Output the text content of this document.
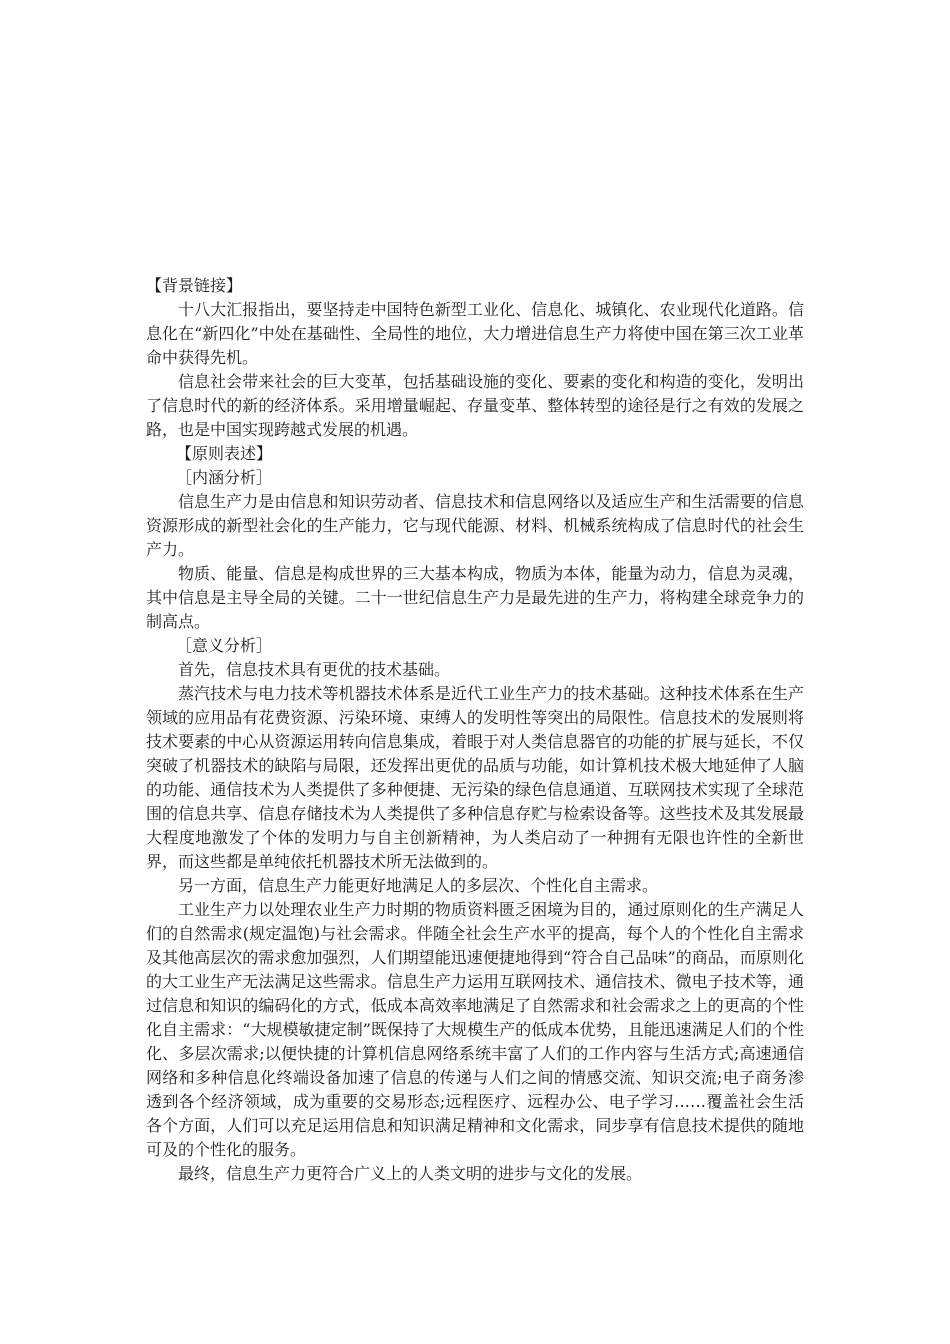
【背景链接】

十八大汇报指出，要坚持走中国特色新型工业化、信息化、城镇化、农业现代化道路。信息化在“新四化”中处在基础性、全局性的地位，大力增进信息生产力将使中国在第三次工业革命中获得先机。

信息社会带来社会的巨大变革，包括基础设施的变化、要素的变化和构造的变化，发明出了信息时代的新的经济体系。采用增量崛起、存量变革、整体转型的途径是行之有效的发展之路，也是中国实现跨越式发展的机遇。

【原则表述】

［内涵分析］

信息生产力是由信息和知识劳动者、信息技术和信息网络以及适应生产和生活需要的信息资源形成的新型社会化的生产能力，它与现代能源、材料、机械系统构成了信息时代的社会生产力。

物质、能量、信息是构成世界的三大基本构成，物质为本体，能量为动力，信息为灵魂，其中信息是主导全局的关键。二十一世纪信息生产力是最先进的生产力，将构建全球竞争力的制高点。

［意义分析］

首先，信息技术具有更优的技术基础。

蒸汽技术与电力技术等机器技术体系是近代工业生产力的技术基础。这种技术体系在生产领域的应用品有花费资源、污染环境、束缚人的发明性等突出的局限性。信息技术的发展则将技术要素的中心从资源运用转向信息集成，着眼于对人类信息器官的功能的扩展与延长，不仅突破了机器技术的缺陷与局限，还发挥出更优的品质与功能，如计算机技术极大地延伸了人脑的功能、通信技术为人类提供了多种便捷、无污染的绿色信息通道、互联网技术实现了全球范围的信息共享、信息存储技术为人类提供了多种信息存贮与检索设备等。这些技术及其发展最大程度地激发了个体的发明力与自主创新精神，为人类启动了一种拥有无限也许性的全新世界，而这些都是单纯依托机器技术所无法做到的。

另一方面，信息生产力能更好地满足人的多层次、个性化自主需求。

工业生产力以处理农业生产力时期的物质资料匮乏困境为目的，通过原则化的生产满足人们的自然需求(规定温饱)与社会需求。伴随全社会生产水平的提高，每个人的个性化自主需求及其他高层次的需求愈加强烈，人们期望能迅速便捷地得到“符合自己品味”的商品，而原则化的大工业生产无法满足这些需求。信息生产力运用互联网技术、通信技术、微电子技术等，通过信息和知识的编码化的方式，低成本高效率地满足了自然需求和社会需求之上的更高的个性化自主需求：“大规模敏捷定制”既保持了大规模生产的低成本优势，且能迅速满足人们的个性化、多层次需求;以便快捷的计算机信息网络系统丰富了人们的工作内容与生活方式;高速通信网络和多种信息化终端设备加速了信息的传递与人们之间的情感交流、知识交流;电子商务渗透到各个经济领域，成为重要的交易形态;远程医疗、远程办公、电子学习……覆盖社会生活各个方面，人们可以充足运用信息和知识满足精神和文化需求，同步享有信息技术提供的随地可及的个性化的服务。

最终，信息生产力更符合广义上的人类文明的进步与文化的发展。
